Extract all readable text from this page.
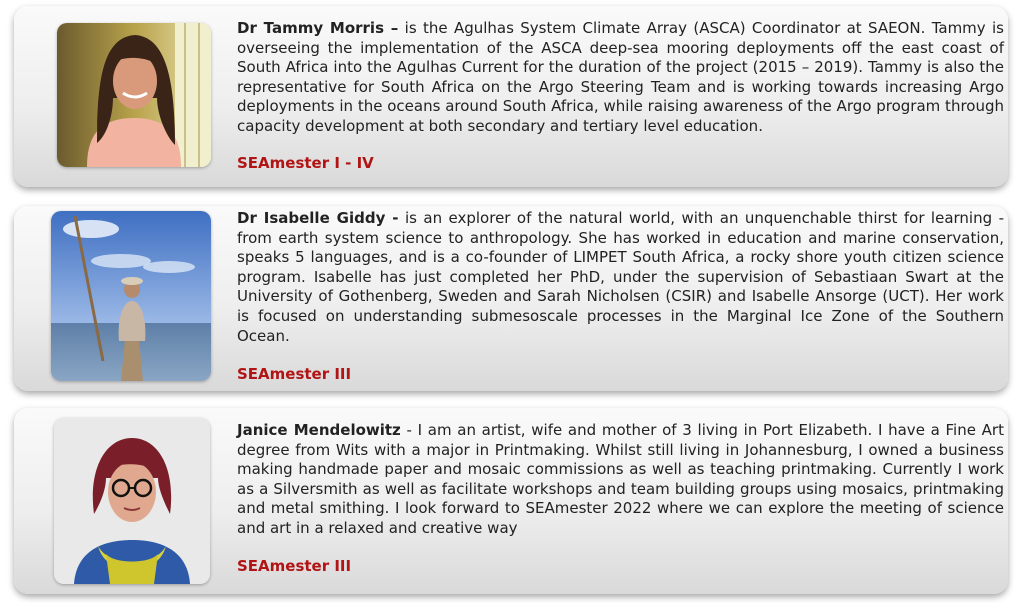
Dr Tammy Morris – is the Agulhas System Climate Array (ASCA) Coordinator at SAEON. Tammy is overseeing the implementation of the ASCA deep-sea mooring deployments off the east coast of South Africa into the Agulhas Current for the duration of the project (2015 – 2019). Tammy is also the representative for South Africa on the Argo Steering Team and is working towards increasing Argo deployments in the oceans around South Africa, while raising awareness of the Argo program through capacity development at both secondary and tertiary level education.
SEAmester I - IV
Dr Isabelle Giddy - is an explorer of the natural world, with an unquenchable thirst for learning - from earth system science to anthropology. She has worked in education and marine conservation, speaks 5 languages, and is a co-founder of LIMPET South Africa, a rocky shore youth citizen science program. Isabelle has just completed her PhD, under the supervision of Sebastiaan Swart at the University of Gothenberg, Sweden and Sarah Nicholsen (CSIR) and Isabelle Ansorge (UCT). Her work is focused on understanding submesoscale processes in the Marginal Ice Zone of the Southern Ocean.
SEAmester III
Janice Mendelowitz - I am an artist, wife and mother of 3 living in Port Elizabeth. I have a Fine Art degree from Wits with a major in Printmaking. Whilst still living in Johannesburg, I owned a business making handmade paper and mosaic commissions as well as teaching printmaking. Currently I work as a Silversmith as well as facilitate workshops and team building groups using mosaics, printmaking and metal smithing. I look forward to SEAmester 2022 where we can explore the meeting of science and art in a relaxed and creative way
SEAmester III
